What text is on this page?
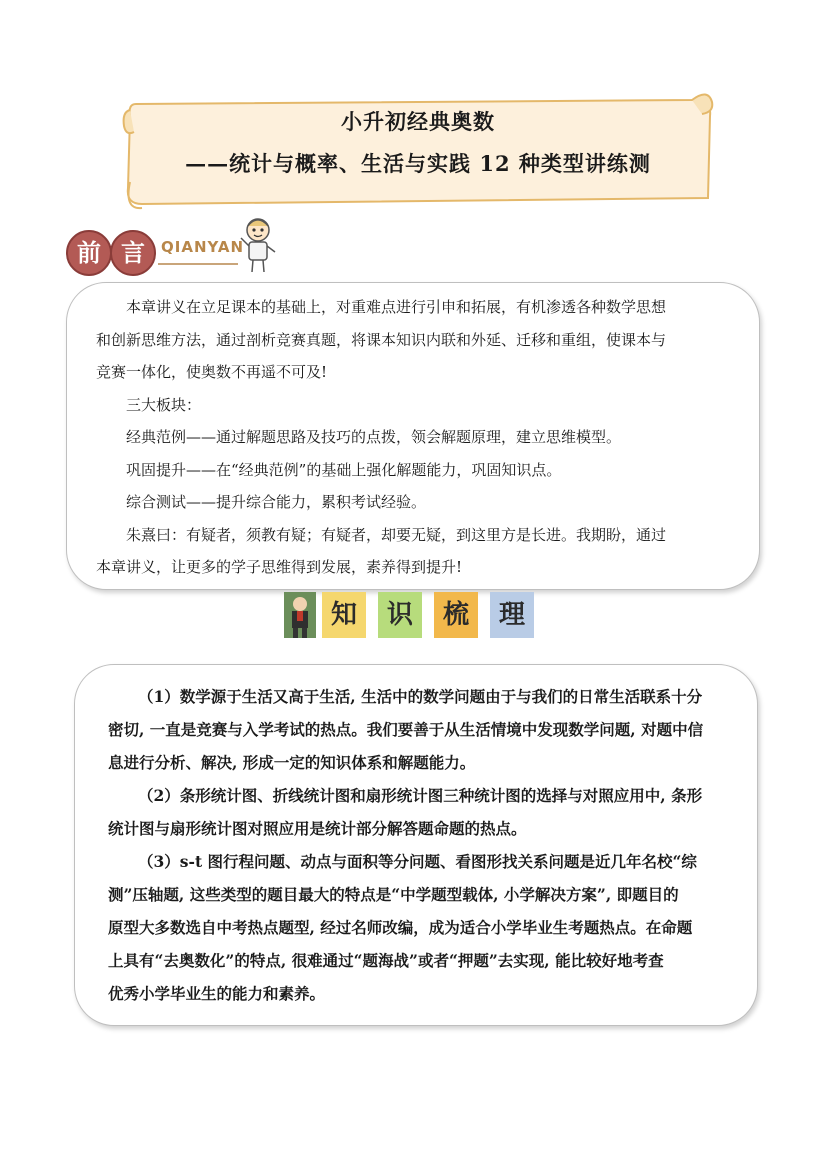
小升初经典奥数
——统计与概率、生活与实践 12 种类型讲练测
前 言	QIANYAN
本章讲义在立足课本的基础上，对重难点进行引申和拓展，有机渗透各种数学思想
和创新思维方法，通过剖析竞赛真题，将课本知识内联和外延、迁移和重组，使课本与
竞赛一体化，使奥数不再遥不可及!
三大板块：
经典范例——通过解题思路及技巧的点拨，领会解题原理，建立思维模型。
巩固提升——在“经典范例”的基础上强化解题能力，巩固知识点。
综合测试——提升综合能力，累积考试经验。
朱熹曰：有疑者，须教有疑；有疑者，却要无疑，到这里方是长进。我期盼，通过
本章讲义，让更多的学子思维得到发展，素养得到提升!
知	识	梳	理
（1）数学源于生活又高于生活, 生活中的数学问题由于与我们的日常生活联系十分
密切, 一直是竞赛与入学考试的热点。我们要善于从生活情境中发现数学问题, 对题中信
息进行分析、解决, 形成一定的知识体系和解题能力。
（2）条形统计图、折线统计图和扇形统计图三种统计图的选择与对照应用中, 条形
统计图与扇形统计图对照应用是统计部分解答题命题的热点。
（3）s-t 图行程问题、动点与面积等分问题、看图形找关系问题是近几年名校“综
测”压轴题, 这些类型的题目最大的特点是“中学题型载体, 小学解决方案”, 即题目的
原型大多数选自中考热点题型, 经过名师改编，成为适合小学毕业生考题热点。在命题
上具有“去奥数化”的特点, 很难通过“题海战”或者“押题”去实现, 能比较好地考查
优秀小学毕业生的能力和素养。
